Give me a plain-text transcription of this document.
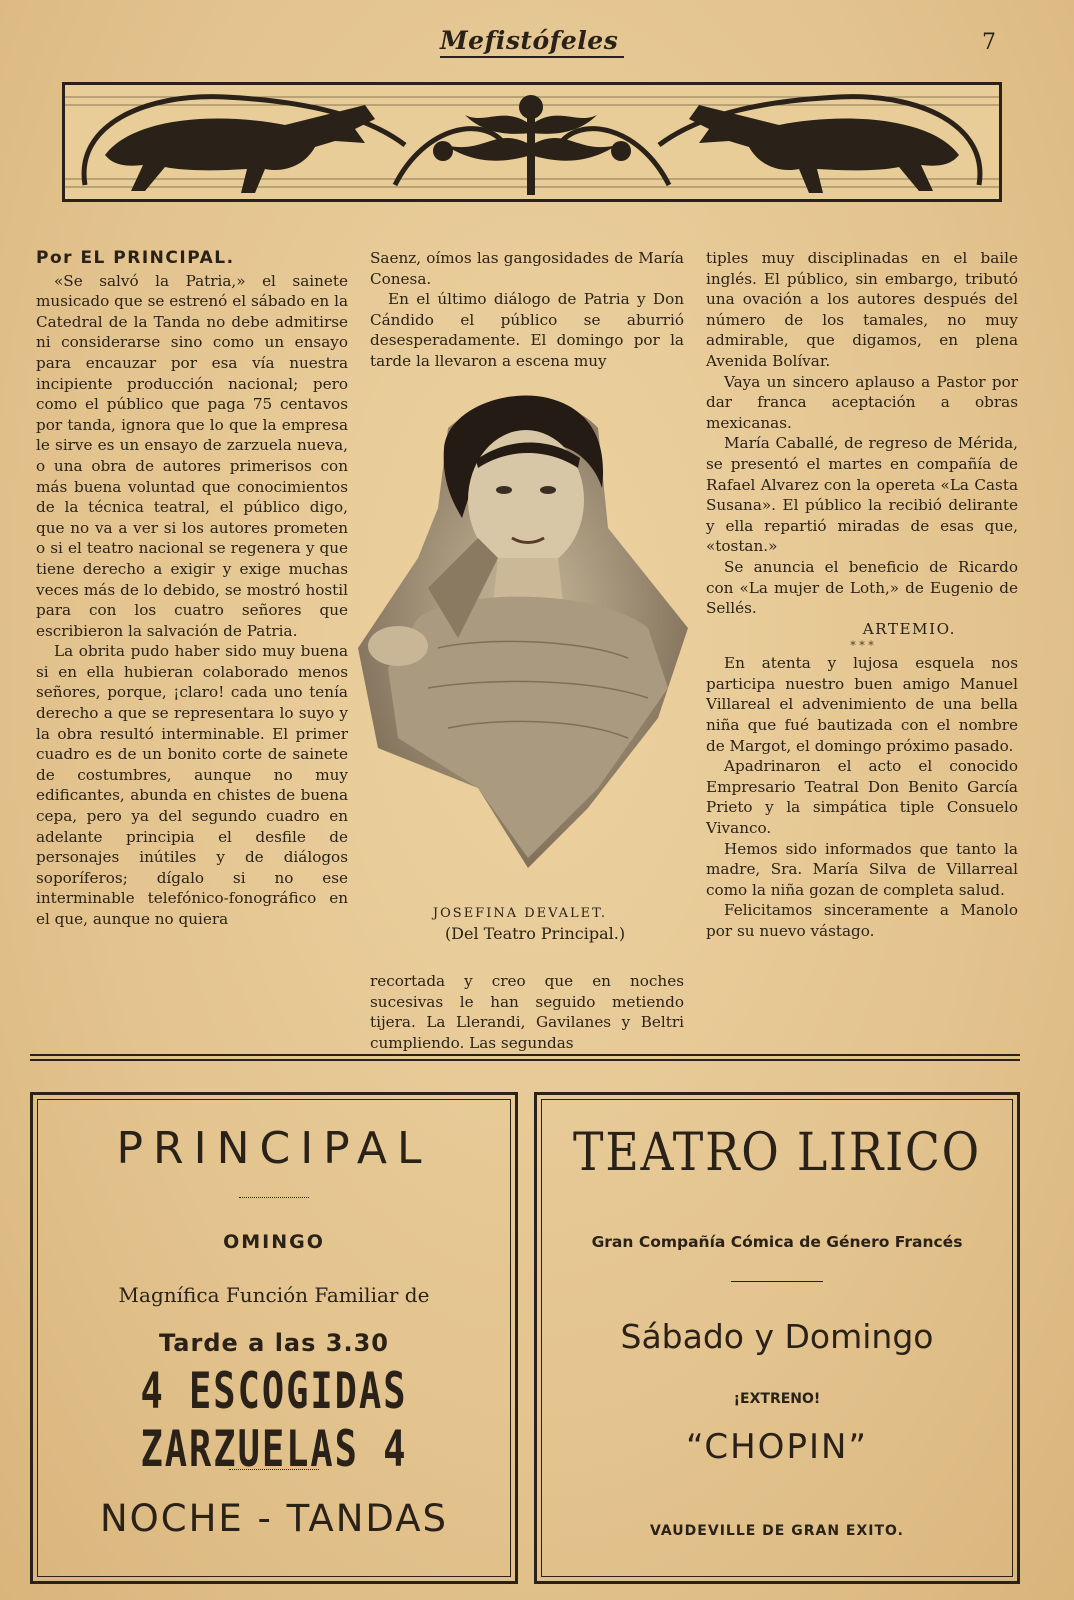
Mefistófeles	7
Por EL PRINCIPAL.

«Se salvó la Patria,» el sainete musicado que se estrenó el sábado en la Catedral de la Tanda no debe admitirse ni considerarse sino como un ensayo para encauzar por esa vía nuestra incipiente producción nacional; pero como el público que paga 75 centavos por tanda, ignora que lo que la empresa le sirve es un ensayo de zarzuela nueva, o una obra de autores primerisos con más buena voluntad que conocimientos de la técnica teatral, el público digo, que no va a ver si los autores prometen o si el teatro nacional se regenera y que tiene derecho a exigir y exige muchas veces más de lo debido, se mostró hostil para con los cuatro señores que escribieron la salvación de Patria.

La obrita pudo haber sido muy buena si en ella hubieran colaborado menos señores, porque, ¡claro! cada uno tenía derecho a que se representara lo suyo y la obra resultó interminable. El primer cuadro es de un bonito corte de sainete de costumbres, aunque no muy edificantes, abunda en chistes de buena cepa, pero ya del segundo cuadro en adelante principia el desfile de personajes inútiles y de diálogos soporíferos; dígalo si no ese interminable telefónico-fonográfico en el que, aunque no quiera

Saenz, oímos las gangosidades de María Conesa.

En el último diálogo de Patria y Don Cándido el público se aburrió desesperadamente. El domingo por la tarde la llevaron a escena muy

JOSEFINA DEVALET.
(Del Teatro Principal.)

recortada y creo que en noches sucesivas le han seguido metiendo tijera. La Llerandi, Gavilanes y Beltri cumpliendo. Las segundas

tiples muy disciplinadas en el baile inglés. El público, sin embargo, tributó una ovación a los autores después del número de los tamales, no muy admirable, que digamos, en plena Avenida Bolívar.

Vaya un sincero aplauso a Pastor por dar franca aceptación a obras mexicanas.

María Caballé, de regreso de Mérida, se presentó el martes en compañía de Rafael Alvarez con la opereta «La Casta Susana». El público la recibió delirante y ella repartió miradas de esas que, «tostan.»

Se anuncia el beneficio de Ricardo con «La mujer de Loth,» de Eugenio de Sellés.

ARTEMIO.
* * *

En atenta y lujosa esquela nos participa nuestro buen amigo Manuel Villareal el advenimiento de una bella niña que fué bautizada con el nombre de Margot, el domingo próximo pasado.

Apadrinaron el acto el conocido Empresario Teatral Don Benito García Prieto y la simpática tiple Consuelo Vivanco.

Hemos sido informados que tanto la madre, Sra. María Silva de Villarreal como la niña gozan de completa salud.

Felicitamos sinceramente a Manolo por su nuevo vástago.

PRINCIPAL
OMINGO
Magnífica Función Familiar de
Tarde a las 3.30
4 ESCOGIDAS ZARZUELAS 4
NOCHE - TANDAS
TEATRO LIRICO
Gran Compañía Cómica de Género Francés
Sábado y Domingo
¡EXTRENO!
“CHOPIN”
VAUDEVILLE DE GRAN EXITO.
